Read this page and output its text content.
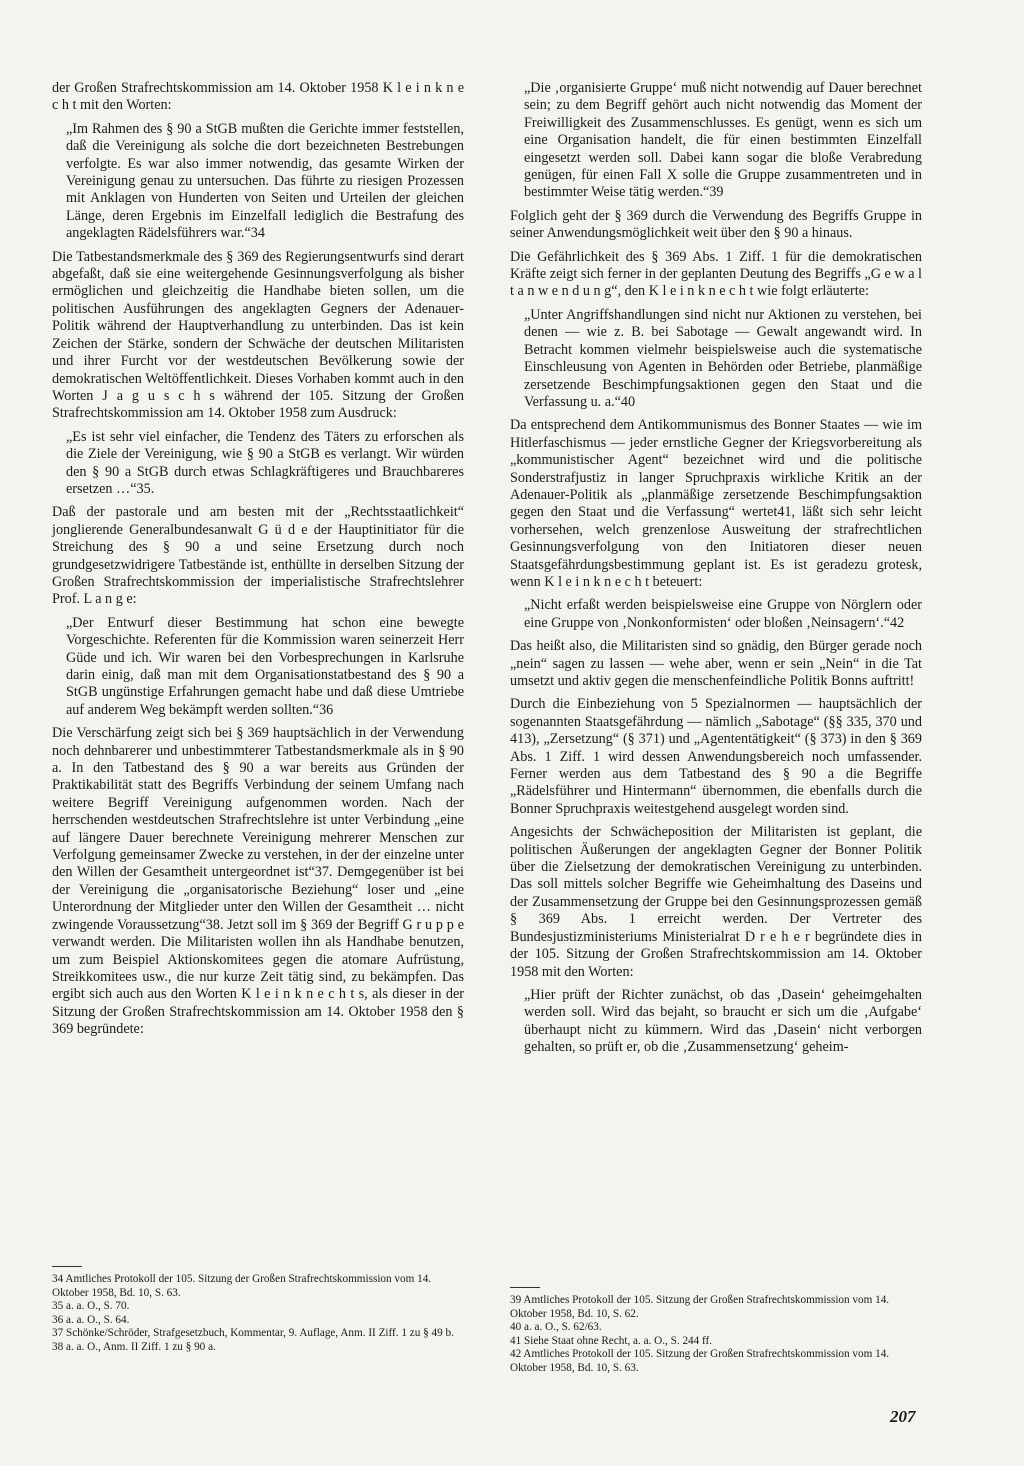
der Großen Strafrechtskommission am 14. Oktober 1958 K l e i n k n e c h t mit den Worten:

„Im Rahmen des § 90 a StGB mußten die Gerichte immer feststellen, daß die Vereinigung als solche die dort bezeichneten Bestrebungen verfolgte. Es war also immer notwendig, das gesamte Wirken der Vereinigung genau zu untersuchen. Das führte zu riesigen Prozessen mit Anklagen von Hunderten von Seiten und Urteilen der gleichen Länge, deren Ergebnis im Einzelfall lediglich die Bestrafung des angeklagten Rädelsführers war.“34

Die Tatbestandsmerkmale des § 369 des Regierungsentwurfs sind derart abgefaßt, daß sie eine weitergehende Gesinnungsverfolgung als bisher ermöglichen und gleichzeitig die Handhabe bieten sollen, um die politischen Ausführungen des angeklagten Gegners der Adenauer-Politik während der Hauptverhandlung zu unterbinden. Das ist kein Zeichen der Stärke, sondern der Schwäche der deutschen Militaristen und ihrer Furcht vor der westdeutschen Bevölkerung sowie der demokratischen Weltöffentlichkeit. Dieses Vorhaben kommt auch in den Worten J a g u s c h s während der 105. Sitzung der Großen Strafrechtskommission am 14. Oktober 1958 zum Ausdruck:

„Es ist sehr viel einfacher, die Tendenz des Täters zu erforschen als die Ziele der Vereinigung, wie § 90 a StGB es verlangt. Wir würden den § 90 a StGB durch etwas Schlagkräftigeres und Brauchbareres ersetzen …“35.

Daß der pastorale und am besten mit der „Rechtsstaatlichkeit“ jonglierende Generalbundesanwalt G ü d e der Hauptinitiator für die Streichung des § 90 a und seine Ersetzung durch noch grundgesetzwidrigere Tatbestände ist, enthüllte in derselben Sitzung der Großen Strafrechtskommission der imperialistische Strafrechtslehrer Prof. L a n g e:

„Der Entwurf dieser Bestimmung hat schon eine bewegte Vorgeschichte. Referenten für die Kommission waren seinerzeit Herr Güde und ich. Wir waren bei den Vorbesprechungen in Karlsruhe darin einig, daß man mit dem Organisationstatbestand des § 90 a StGB ungünstige Erfahrungen gemacht habe und daß diese Umtriebe auf anderem Weg bekämpft werden sollten.“36

Die Verschärfung zeigt sich bei § 369 hauptsächlich in der Verwendung noch dehnbarerer und unbestimmterer Tatbestandsmerkmale als in § 90 a. In den Tatbestand des § 90 a war bereits aus Gründen der Praktikabilität statt des Begriffs Verbindung der seinem Umfang nach weitere Begriff Vereinigung aufgenommen worden. Nach der herrschenden westdeutschen Strafrechtslehre ist unter Verbindung „eine auf längere Dauer berechnete Vereinigung mehrerer Menschen zur Verfolgung gemeinsamer Zwecke zu verstehen, in der der einzelne unter den Willen der Gesamtheit untergeordnet ist“37. Demgegenüber ist bei der Vereinigung die „organisatorische Beziehung“ loser und „eine Unterordnung der Mitglieder unter den Willen der Gesamtheit … nicht zwingende Voraussetzung“38. Jetzt soll im § 369 der Begriff G r u p p e verwandt werden. Die Militaristen wollen ihn als Handhabe benutzen, um zum Beispiel Aktionskomitees gegen die atomare Aufrüstung, Streikkomitees usw., die nur kurze Zeit tätig sind, zu bekämpfen. Das ergibt sich auch aus den Worten K l e i n k n e c h t s, als dieser in der Sitzung der Großen Strafrechtskommission am 14. Oktober 1958 den § 369 begründete:

„Die ‚organisierte Gruppe‘ muß nicht notwendig auf Dauer berechnet sein; zu dem Begriff gehört auch nicht notwendig das Moment der Freiwilligkeit des Zusammenschlusses. Es genügt, wenn es sich um eine Organisation handelt, die für einen bestimmten Einzelfall eingesetzt werden soll. Dabei kann sogar die bloße Verabredung genügen, für einen Fall X solle die Gruppe zusammentreten und in bestimmter Weise tätig werden.“39

Folglich geht der § 369 durch die Verwendung des Begriffs Gruppe in seiner Anwendungsmöglichkeit weit über den § 90 a hinaus.

Die Gefährlichkeit des § 369 Abs. 1 Ziff. 1 für die demokratischen Kräfte zeigt sich ferner in der geplanten Deutung des Begriffs „G e w a l t a n w e n d u n g“, den K l e i n k n e c h t wie folgt erläuterte:

„Unter Angriffshandlungen sind nicht nur Aktionen zu verstehen, bei denen — wie z. B. bei Sabotage — Gewalt angewandt wird. In Betracht kommen vielmehr beispielsweise auch die systematische Einschleusung von Agenten in Behörden oder Betriebe, planmäßige zersetzende Beschimpfungsaktionen gegen den Staat und die Verfassung u. a.“40

Da entsprechend dem Antikommunismus des Bonner Staates — wie im Hitlerfaschismus — jeder ernstliche Gegner der Kriegsvorbereitung als „kommunistischer Agent“ bezeichnet wird und die politische Sonderstrafjustiz in langer Spruchpraxis wirkliche Kritik an der Adenauer-Politik als „planmäßige zersetzende Beschimpfungsaktion gegen den Staat und die Verfassung“ wertet41, läßt sich sehr leicht vorhersehen, welch grenzenlose Ausweitung der strafrechtlichen Gesinnungsverfolgung von den Initiatoren dieser neuen Staatsgefährdungsbestimmung geplant ist. Es ist geradezu grotesk, wenn K l e i n k n e c h t beteuert:

„Nicht erfaßt werden beispielsweise eine Gruppe von Nörglern oder eine Gruppe von ‚Nonkonformisten‘ oder bloßen ‚Neinsagern‘.“42

Das heißt also, die Militaristen sind so gnädig, den Bürger gerade noch „nein“ sagen zu lassen — wehe aber, wenn er sein „Nein“ in die Tat umsetzt und aktiv gegen die menschenfeindliche Politik Bonns auftritt!

Durch die Einbeziehung von 5 Spezialnormen — hauptsächlich der sogenannten Staatsgefährdung — nämlich „Sabotage“ (§§ 335, 370 und 413), „Zersetzung“ (§ 371) und „Agententätigkeit“ (§ 373) in den § 369 Abs. 1 Ziff. 1 wird dessen Anwendungsbereich noch umfassender. Ferner werden aus dem Tatbestand des § 90 a die Begriffe „Rädelsführer und Hintermann“ übernommen, die ebenfalls durch die Bonner Spruchpraxis weitestgehend ausgelegt worden sind.

Angesichts der Schwächeposition der Militaristen ist geplant, die politischen Äußerungen der angeklagten Gegner der Bonner Politik über die Zielsetzung der demokratischen Vereinigung zu unterbinden. Das soll mittels solcher Begriffe wie Geheimhaltung des Daseins und der Zusammensetzung der Gruppe bei den Gesinnungsprozessen gemäß § 369 Abs. 1 erreicht werden. Der Vertreter des Bundesjustizministeriums Ministerialrat D r e h e r begründete dies in der 105. Sitzung der Großen Strafrechtskommission am 14. Oktober 1958 mit den Worten:

„Hier prüft der Richter zunächst, ob das ‚Dasein‘ geheimgehalten werden soll. Wird das bejaht, so braucht er sich um die ‚Aufgabe‘ überhaupt nicht zu kümmern. Wird das ‚Dasein‘ nicht verborgen gehalten, so prüft er, ob die ‚Zusammensetzung‘ geheim-

34 Amtliches Protokoll der 105. Sitzung der Großen Strafrechtskommission vom 14. Oktober 1958, Bd. 10, S. 63.
35 a. a. O., S. 70.
36 a. a. O., S. 64.
37 Schönke/Schröder, Strafgesetzbuch, Kommentar, 9. Auflage, Anm. II Ziff. 1 zu § 49 b.
38 a. a. O., Anm. II Ziff. 1 zu § 90 a.
39 Amtliches Protokoll der 105. Sitzung der Großen Strafrechtskommission vom 14. Oktober 1958, Bd. 10, S. 62.
40 a. a. O., S. 62/63.
41 Siehe Staat ohne Recht, a. a. O., S. 244 ff.
42 Amtliches Protokoll der 105. Sitzung der Großen Strafrechtskommission vom 14. Oktober 1958, Bd. 10, S. 63.
207
